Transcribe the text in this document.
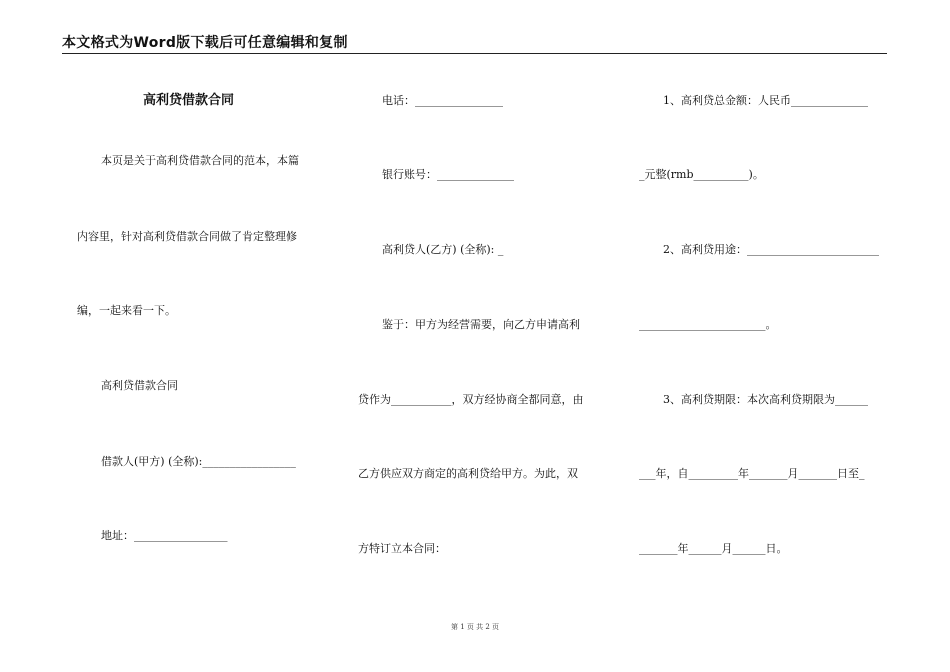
本文格式为Word版下载后可任意编辑和复制
高利贷借款合同
本页是关于高利贷借款合同的范本，本篇
内容里，针对高利贷借款合同做了肯定整理修
编，一起来看一下。
高利贷借款合同
借款人(甲方) (全称):_________________
地址：_________________
电话：________________
银行账号：______________
高利贷人(乙方) (全称): _
鉴于：甲方为经营需要，向乙方申请高利
贷作为___________，双方经协商全都同意，由
乙方供应双方商定的高利贷给甲方。为此，双
方特订立本合同：
1、高利贷总金额：人民币______________
_元整(rmb__________)。
2、高利贷用途：________________________
_______________________。
3、高利贷期限：本次高利贷期限为______
___年，自_________年_______月_______日至_
_______年______月______日。
第 1 页 共 2 页
